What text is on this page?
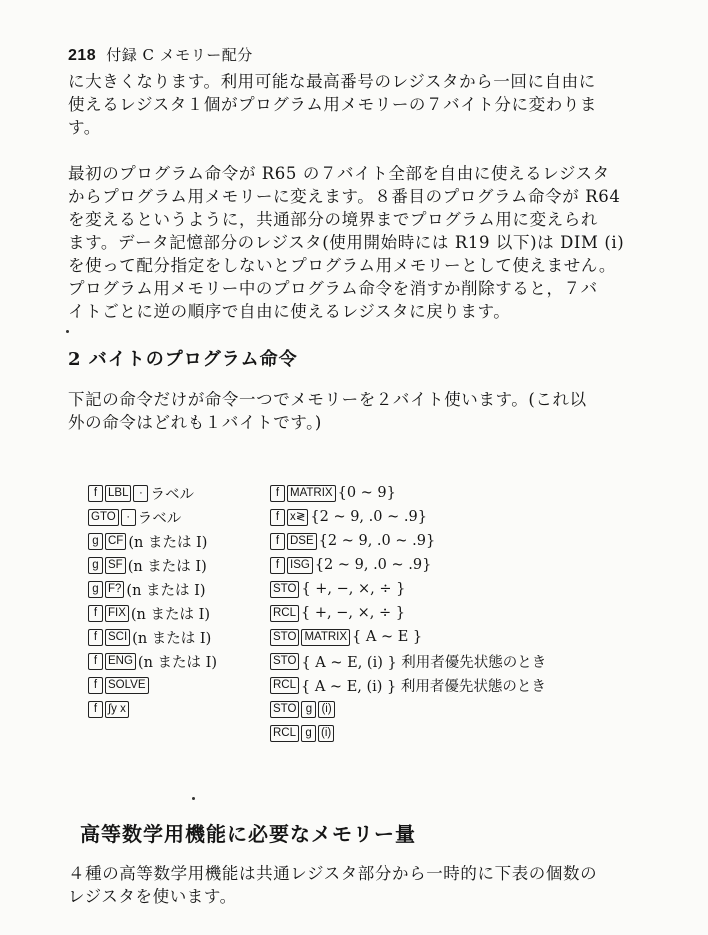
218 付録 C メモリー配分

に大きくなります。利用可能な最高番号のレジスタから一回に自由に

使えるレジスタ１個がプログラム用メモリーの７バイト分に変わりま

す。

最初のプログラム命令が R65 の７バイト全部を自由に使えるレジスタ

からプログラム用メモリーに変えます。８番目のプログラム命令が R64

を変えるというように，共通部分の境界までプログラム用に変えられ

ます。データ記憶部分のレジスタ(使用開始時には R19 以下)は DIM (i)

を使って配分指定をしないとプログラム用メモリーとして使えません。

プログラム用メモリー中のプログラム命令を消すか削除すると，７バ

イトごとに逆の順序で自由に使えるレジスタに戻ります。

2 バイトのプログラム命令

下記の命令だけが命令一つでメモリーを２バイト使います。(これ以

外の命令はどれも１バイトです。)

f LBL · ラベル
GTO · ラベル
g CF (n または I)
g SF (n または I)
g F? (n または I)
f FIX (n または I)
f SCI (n または I)
f ENG (n または I)
f SOLVE
f ∫y x
f MATRIX {0 ~ 9}
f x≷ {2 ~ 9, .0 ~ .9}
f DSE {2 ~ 9, .0 ~ .9}
f ISG {2 ~ 9, .0 ~ .9}
STO { +, −, ×, ÷ }
RCL { +, −, ×, ÷ }
STO MATRIX { A ~ E }
STO { A ~ E, (i) } 利用者優先状態のとき
RCL { A ~ E, (i) } 利用者優先状態のとき
STO g (i)
RCL g (i)
高等数学用機能に必要なメモリー量

４種の高等数学用機能は共通レジスタ部分から一時的に下表の個数の

レジスタを使います。
